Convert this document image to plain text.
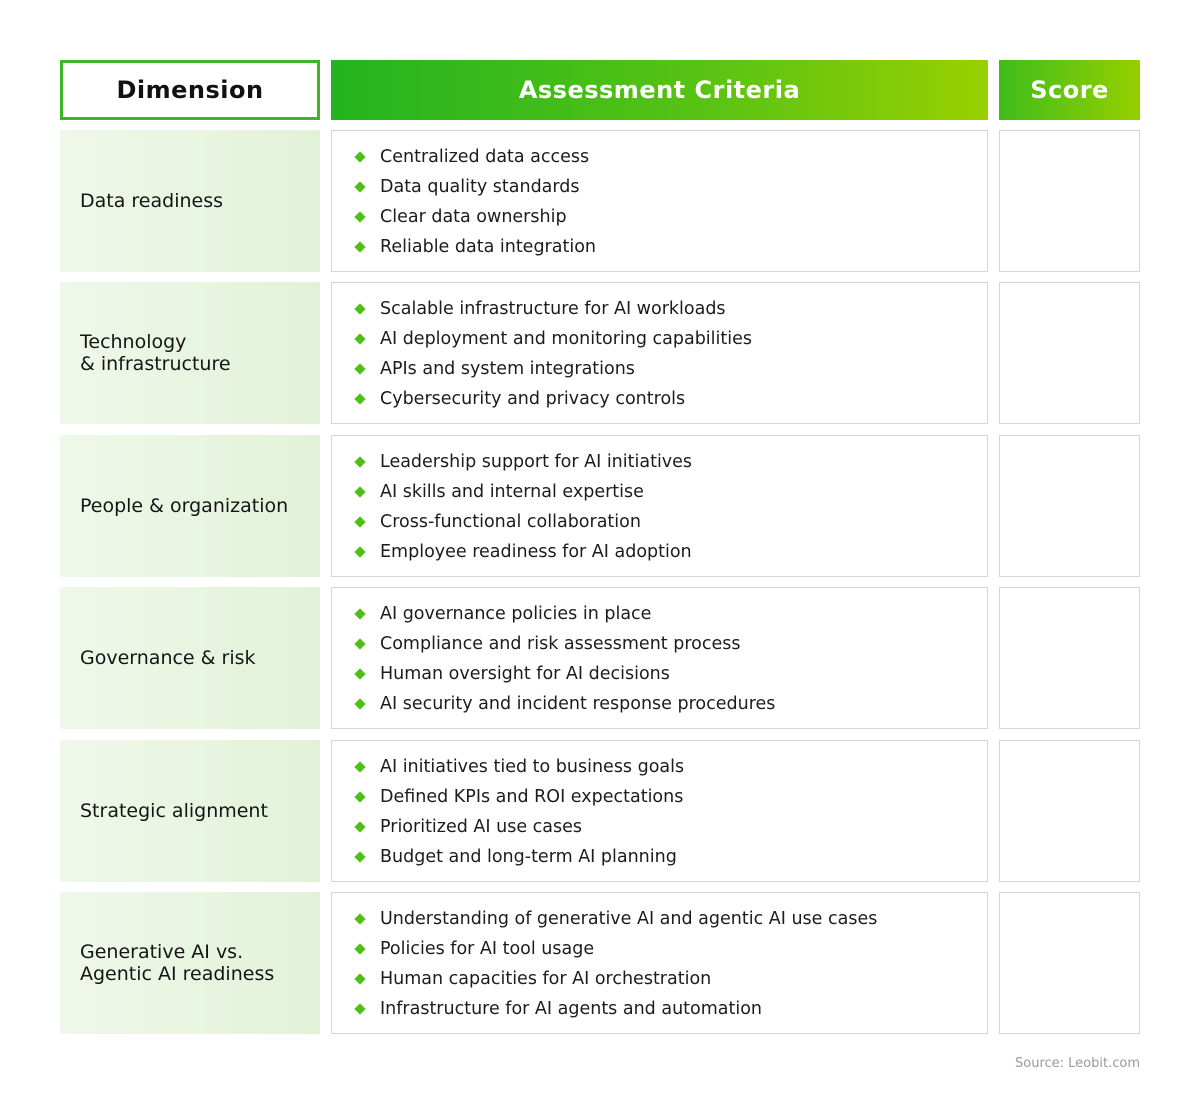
Dimension	Assessment Criteria	Score
Data readiness
Centralized data access
Data quality standards
Clear data ownership
Reliable data integration
Technology
& infrastructure
Scalable infrastructure for AI workloads
AI deployment and monitoring capabilities
APIs and system integrations
Cybersecurity and privacy controls
People & organization
Leadership support for AI initiatives
AI skills and internal expertise
Cross-functional collaboration
Employee readiness for AI adoption
Governance & risk
AI governance policies in place
Compliance and risk assessment process
Human oversight for AI decisions
AI security and incident response procedures
Strategic alignment
AI initiatives tied to business goals
Defined KPIs and ROI expectations
Prioritized AI use cases
Budget and long-term AI planning
Generative AI vs.
Agentic AI readiness
Understanding of generative AI and agentic AI use cases
Policies for AI tool usage
Human capacities for AI orchestration
Infrastructure for AI agents and automation
Source: Leobit.com
